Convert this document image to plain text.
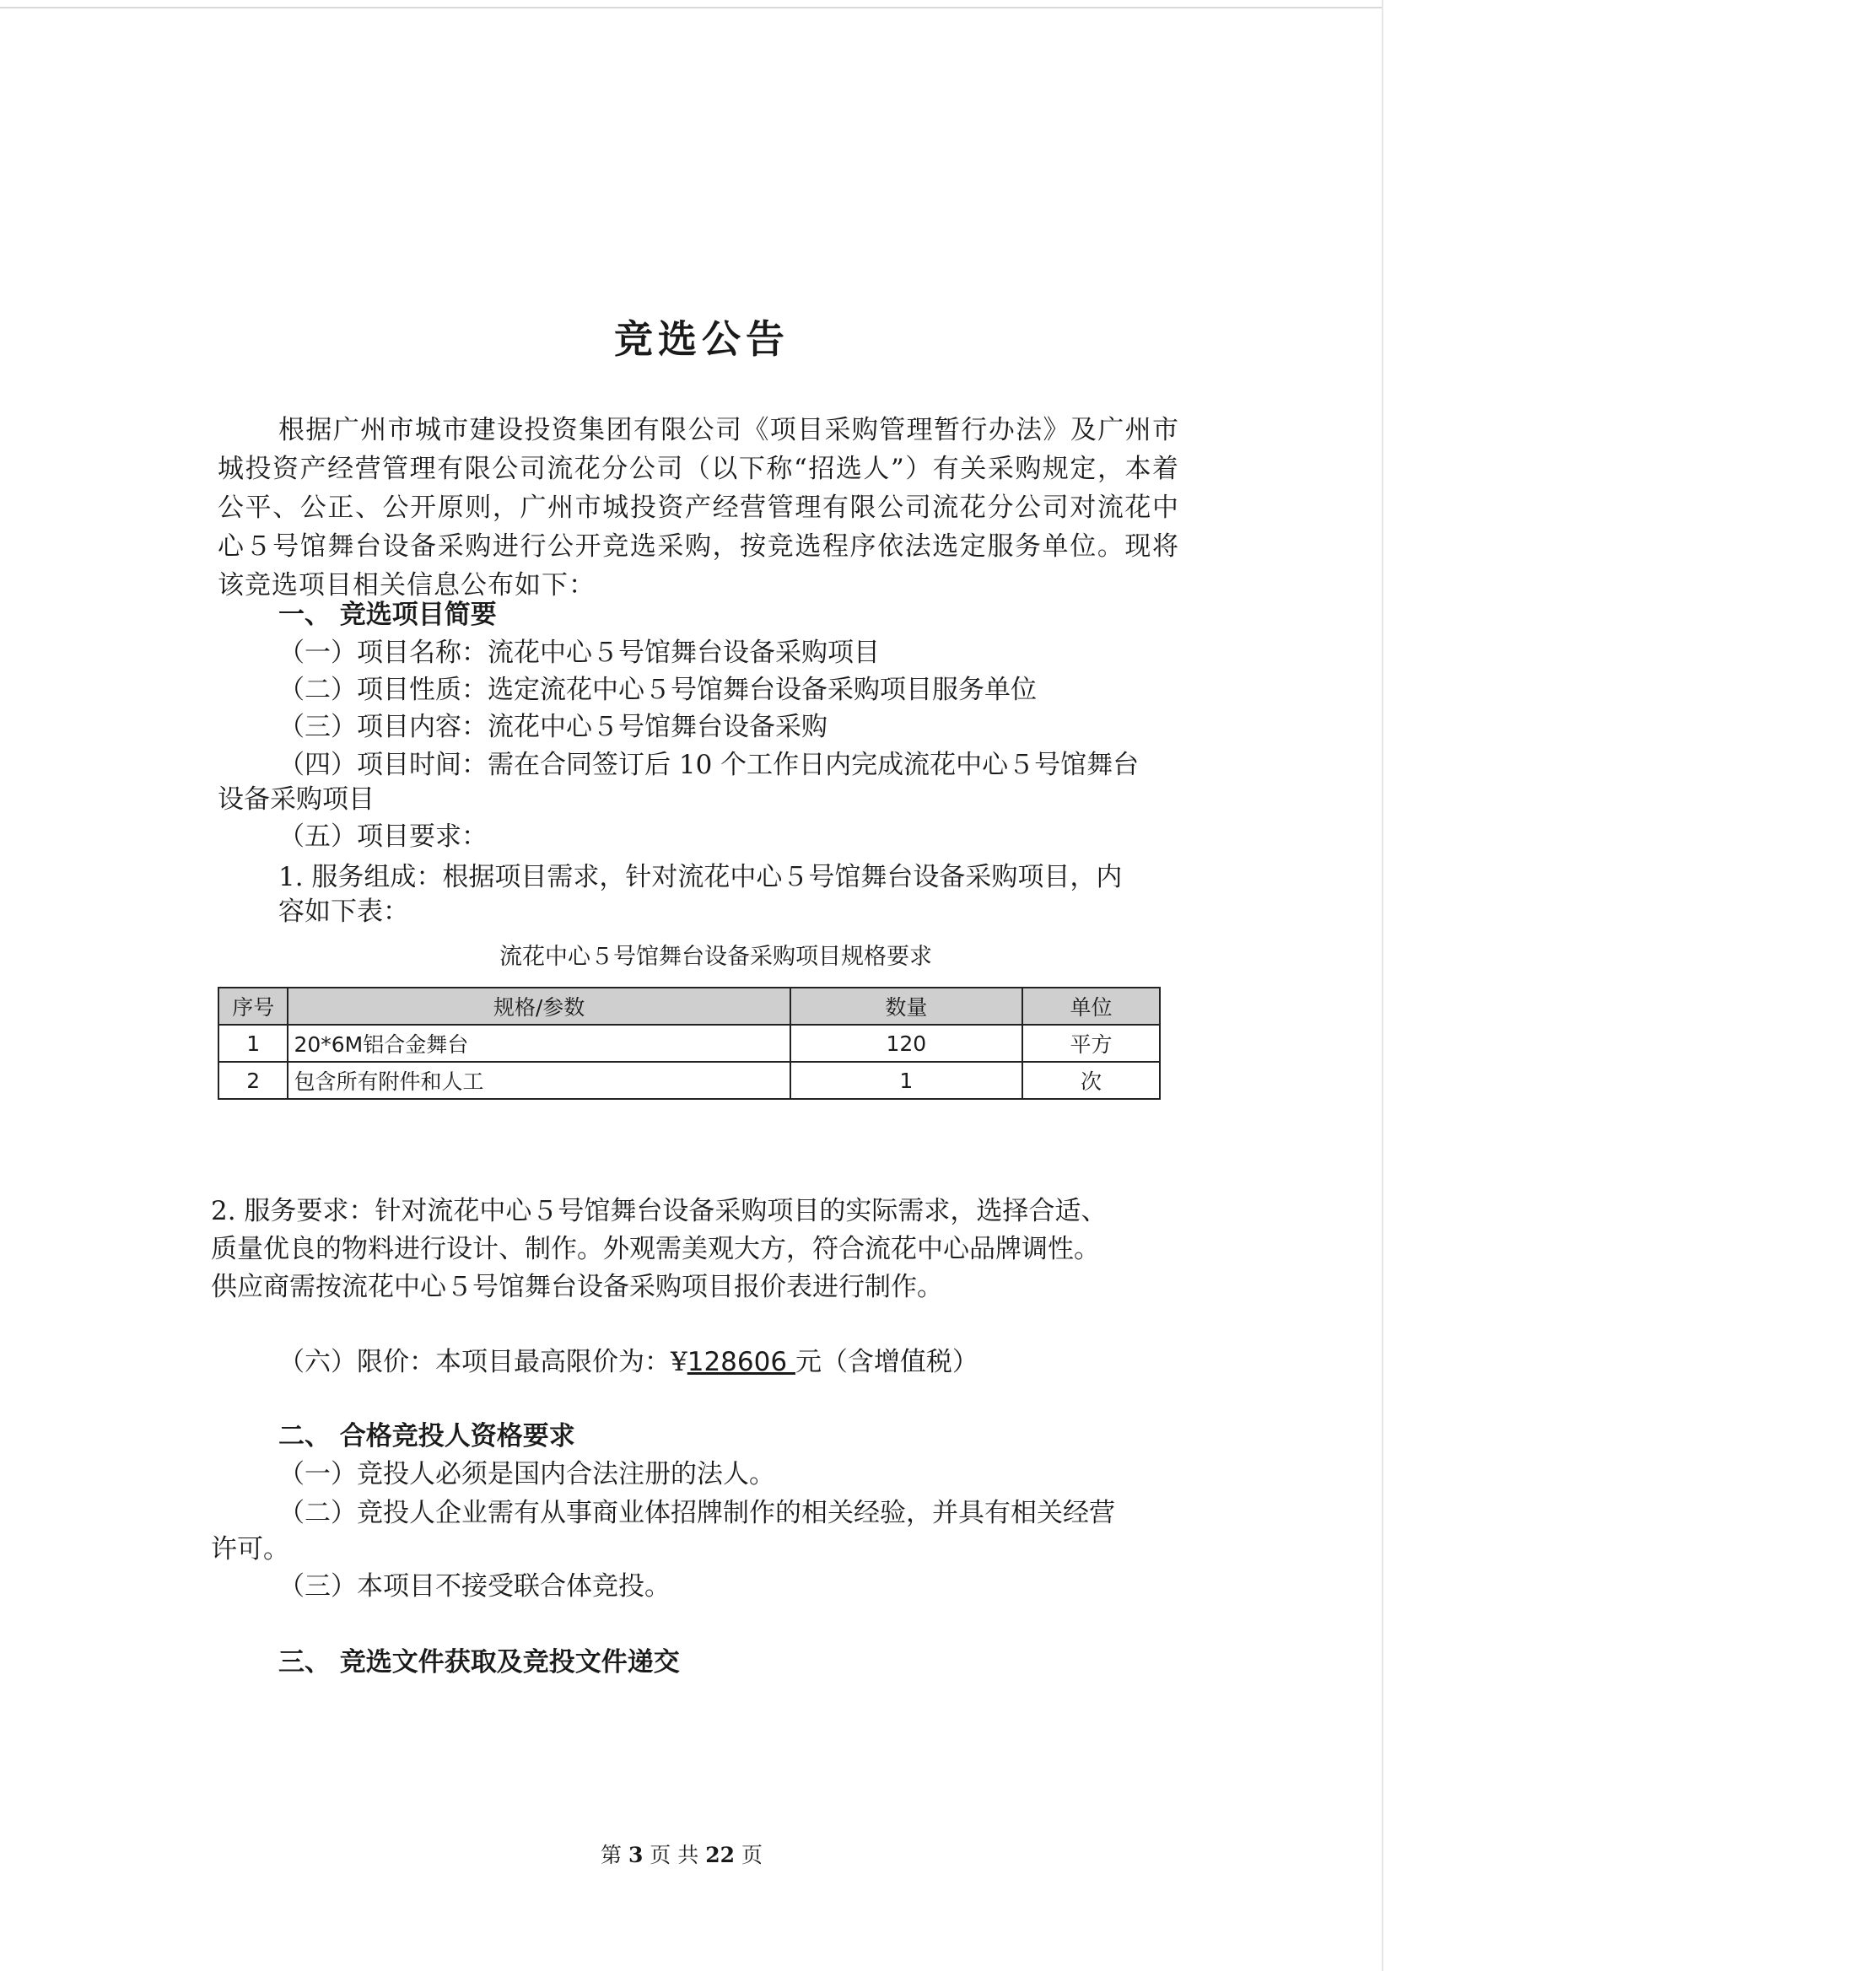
竞选公告
根据广州市城市建设投资集团有限公司《项目采购管理暂行办法》及广州市城投资产经营管理有限公司流花分公司（以下称“招选人”）有关采购规定，本着公平、公正、公开原则，广州市城投资产经营管理有限公司流花分公司对流花中心５号馆舞台设备采购进行公开竞选采购，按竞选程序依法选定服务单位。现将该竞选项目相关信息公布如下：
一、 竞选项目简要
（一）项目名称：流花中心５号馆舞台设备采购项目
（二）项目性质：选定流花中心５号馆舞台设备采购项目服务单位
（三）项目内容：流花中心５号馆舞台设备采购
（四）项目时间：需在合同签订后 10 个工作日内完成流花中心５号馆舞台
设备采购项目
（五）项目要求：
1. 服务组成：根据项目需求，针对流花中心５号馆舞台设备采购项目，内
容如下表：
流花中心５号馆舞台设备采购项目规格要求
序号	规格/参数	数量	单位
1	20*6M铝合金舞台	120	平方
2	包含所有附件和人工	1	次
2. 服务要求：针对流花中心５号馆舞台设备采购项目的实际需求，选择合适、
质量优良的物料进行设计、制作。外观需美观大方，符合流花中心品牌调性。
供应商需按流花中心５号馆舞台设备采购项目报价表进行制作。
（六）限价：本项目最高限价为：¥128606 元（含增值税）
二、 合格竞投人资格要求
（一）竞投人必须是国内合法注册的法人。
（二）竞投人企业需有从事商业体招牌制作的相关经验，并具有相关经营
许可。
（三）本项目不接受联合体竞投。
三、 竞选文件获取及竞投文件递交
第 3 页 共 22 页
